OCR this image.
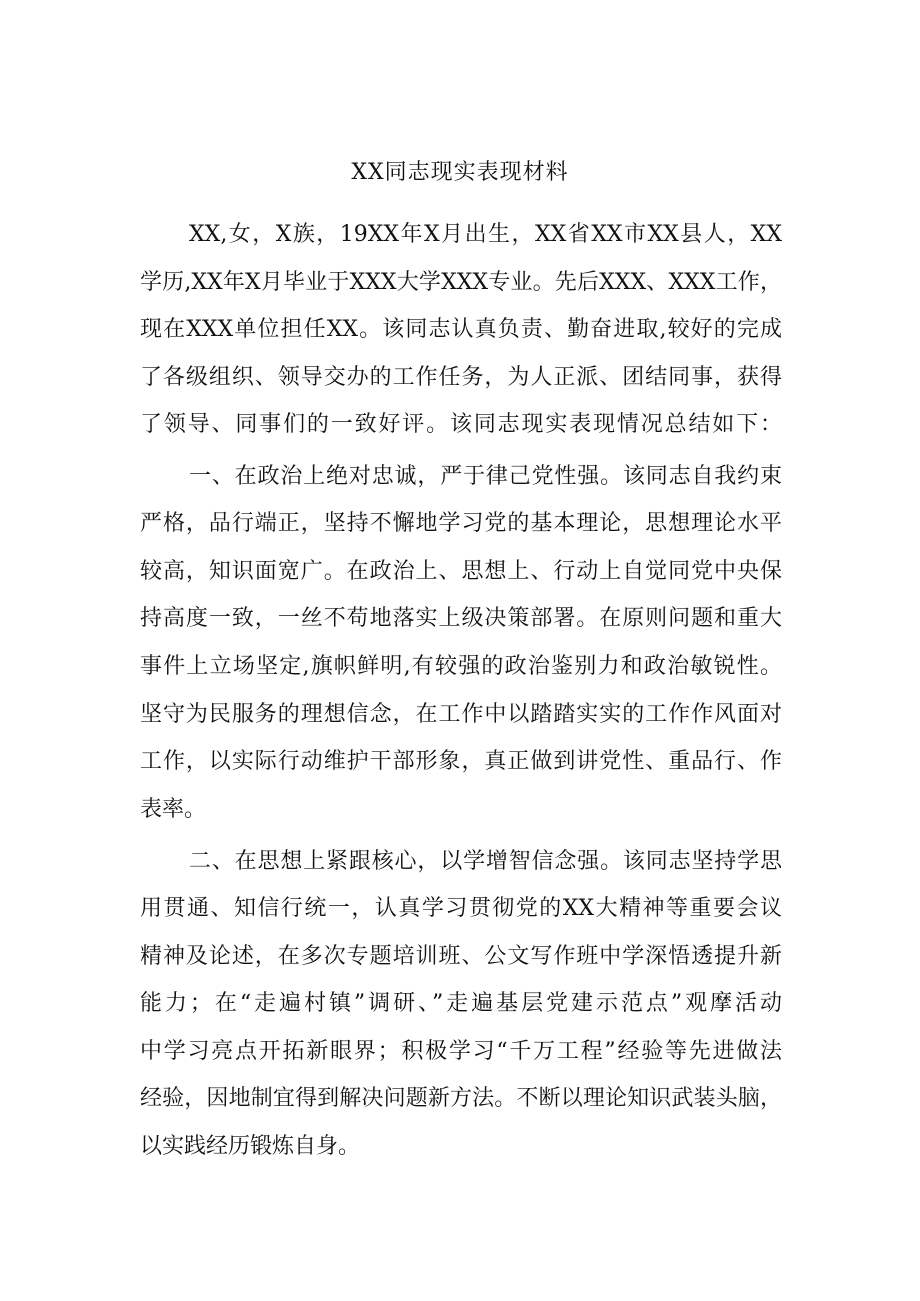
XX同志现实表现材料
XX,女，X族，19XX年X月出生，XX省XX市XX县人，XX
学历,XX年X月毕业于XXX大学XXX专业。先后XXX、XXX工作，
现在XXX单位担任XX。该同志认真负责、勤奋进取,较好的完成
了各级组织、领导交办的工作任务，为人正派、团结同事，获得
了领导、同事们的一致好评。该同志现实表现情况总结如下：
一、在政治上绝对忠诚，严于律己党性强。该同志自我约束
严格，品行端正，坚持不懈地学习党的基本理论，思想理论水平
较高，知识面宽广。在政治上、思想上、行动上自觉同党中央保
持高度一致，一丝不苟地落实上级决策部署。在原则问题和重大
事件上立场坚定,旗帜鲜明,有较强的政治鉴别力和政治敏锐性。
坚守为民服务的理想信念，在工作中以踏踏实实的工作作风面对
工作，以实际行动维护干部形象，真正做到讲党性、重品行、作
表率。
二、在思想上紧跟核心，以学增智信念强。该同志坚持学思
用贯通、知信行统一，认真学习贯彻党的XX大精神等重要会议
精神及论述，在多次专题培训班、公文写作班中学深悟透提升新
能力；在“走遍村镇”调研、”走遍基层党建示范点”观摩活动
中学习亮点开拓新眼界；积极学习“千万工程”经验等先进做法
经验，因地制宜得到解决问题新方法。不断以理论知识武装头脑，
以实践经历锻炼自身。
